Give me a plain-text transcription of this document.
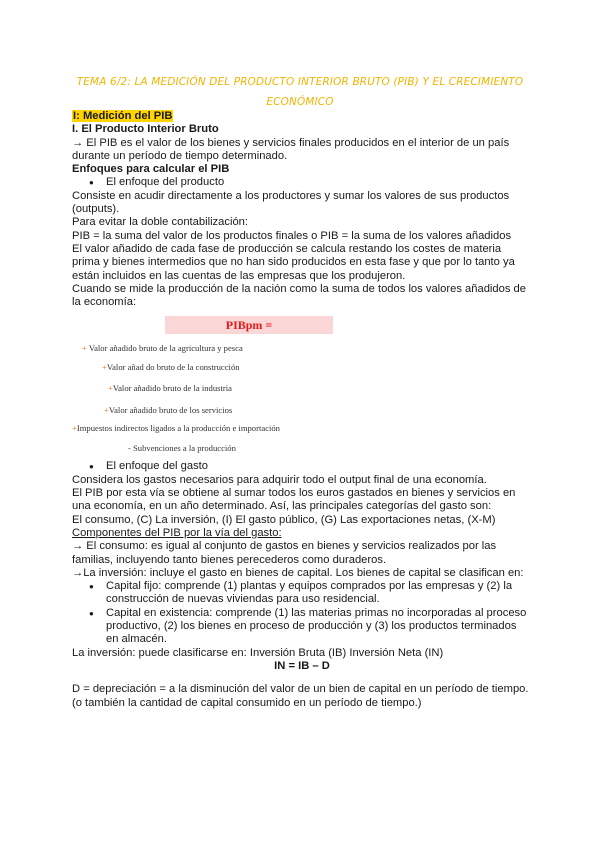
TEMA 6/2: LA MEDICIÓN DEL PRODUCTO INTERIOR BRUTO (PIB) Y EL CRECIMIENTO ECONÓMICO

I: Medición del PIB

I. El Producto Interior Bruto

→ El PIB es el valor de los bienes y servicios finales producidos en el interior de un país

durante un período de tiempo determinado.

Enfoques para calcular el PIB

● El enfoque del producto

Consiste en acudir directamente a los productores y sumar los valores de sus productos

(outputs).

Para evitar la doble contabilización:

PIB = la suma del valor de los productos finales o PIB = la suma de los valores añadidos

El valor añadido de cada fase de producción se calcula restando los costes de materia

prima y bienes intermedios que no han sido producidos en esta fase y que por lo tanto ya

están incluidos en las cuentas de las empresas que los produjeron.

Cuando se mide la producción de la nación como la suma de todos los valores añadidos de

la economía:

PIBpm =
+ Valor añadido bruto de la agricultura y pesca
+Valor añad do bruto de la construcción
+Valor añadido bruto de la industria
+Valor añadido bruto de los servicios
+Impuestos indirectos ligados a la producción e importación
- Subvenciones a la producción

● El enfoque del gasto

Considera los gastos necesarios para adquirir todo el output final de una economía.

El PIB por esta vía se obtiene al sumar todos los euros gastados en bienes y servicios en

una economía, en un año determinado. Así, las principales categorías del gasto son:

El consumo, (C) La inversión, (I) El gasto público, (G) Las exportaciones netas, (X-M)

Componentes del PIB por la vía del gasto:

→ El consumo: es igual al conjunto de gastos en bienes y servicios realizados por las

familias, incluyendo tanto bienes perecederos como duraderos.

→La inversión: incluye el gasto en bienes de capital. Los bienes de capital se clasifican en:

● Capital fijo: comprende (1) plantas y equipos comprados por las empresas y (2) la

construcción de nuevas viviendas para uso residencial.

● Capital en existencia: comprende (1) las materias primas no incorporadas al proceso

productivo, (2) los bienes en proceso de producción y (3) los productos terminados

en almacén.

La inversión: puede clasificarse en: Inversión Bruta (IB) Inversión Neta (IN)

IN = IB – D

D = depreciación = a la disminución del valor de un bien de capital en un período de tiempo.

(o también la cantidad de capital consumido en un período de tiempo.)
